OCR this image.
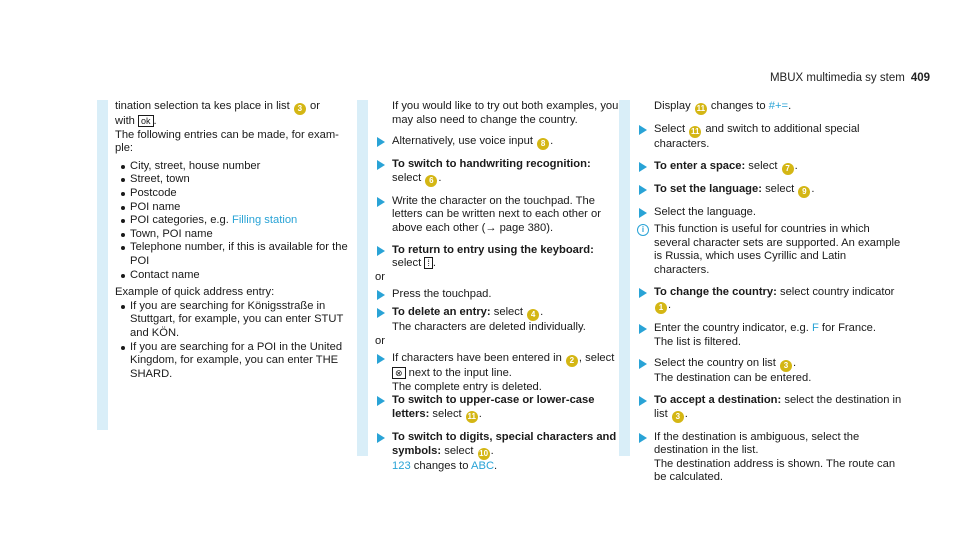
MBUX multimedia sy stem 409

tination selection ta kes place in list 3 or
with ok .

The following entries can be made, for exam-ple:

City, street, house number
Street, town
Postcode
POI name
POI categories, e.g. Filling station
Town, POI name
Telephone number, if this is available for the POI
Contact name

Example of quick address entry:

If you are searching for Königsstraße in Stuttgart, for example, you can enter STUT and KÖN.
If you are searching for a POI in the United Kingdom, for example, you can enter THE SHARD.

If you would like to try out both examples, you may also need to change the country.

Alternatively, use voice input 8 .
To switch to handwriting recognition:
select 6 .
Write the character on the touchpad. The letters can be written next to each other or above each other (→ page 380).
To return to entry using the keyboard:
select ⁞ .

or

Press the touchpad.
To delete an entry: select 4 .
The characters are deleted individually.

or

If characters have been entered in 2 , select
⊗ next to the input line.
The complete entry is deleted.
To switch to upper-case or lower-case letters: select 11 .
To switch to digits, special characters and symbols: select 10 .
123 changes to ABC.

Display 11 changes to #+=.

Select 11 and switch to additional special characters.
To enter a space: select 7 .
To set the language: select 9 .
Select the language.
i This function is useful for countries in which several character sets are supported. An example is Russia, which uses Cyrillic and Latin characters.
To change the country: select country indicator 1 .
Enter the country indicator, e.g. F for France.
The list is filtered.
Select the country on list 3 .
The destination can be entered.
To accept a destination: select the destination in list 3 .
If the destination is ambiguous, select the destination in the list.
The destination address is shown. The route can be calculated.
